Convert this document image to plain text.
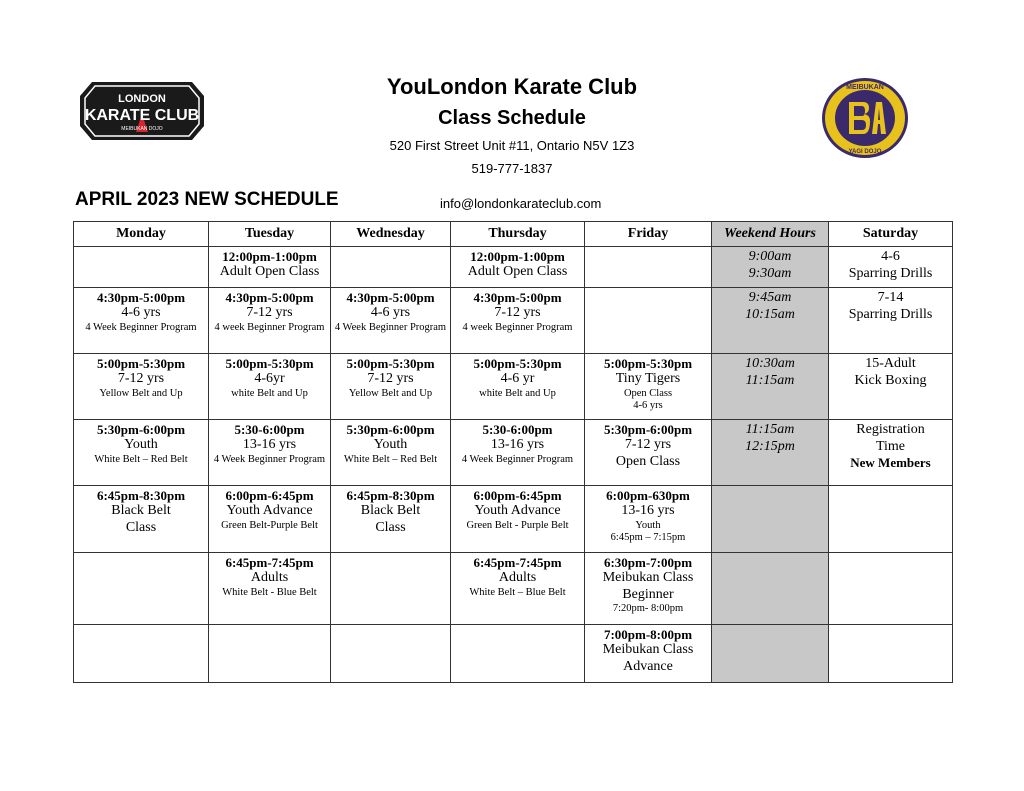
LONDON
KARATE CLUB
MEIBUKAN DOJO
YouLondon Karate Club
Class Schedule
520 First Street Unit #11, Ontario N5V 1Z3
519-777-1837
MEIBUKAN
YAGI DOJO
APRIL 2023 NEW SCHEDULE	info@londonkarateclub.com
Monday	Tuesday	Wednesday	Thursday	Friday	Weekend Hours	Saturday

	12:00pm-1:00pm
Adult Open Class		12:00pm-1:00pm
Adult Open Class		9:00am
9:30am	4-6
Sparring Drills

4:30pm-5:00pm
4-6 yrs
4 Week Beginner Program	4:30pm-5:00pm
7-12 yrs
4 week Beginner Program	4:30pm-5:00pm
4-6 yrs
4 Week Beginner Program	4:30pm-5:00pm
7-12 yrs
4 week Beginner Program		9:45am
10:15am	7-14
Sparring Drills

5:00pm-5:30pm
7-12 yrs
Yellow Belt and Up	5:00pm-5:30pm
4-6yr
white Belt and Up	5:00pm-5:30pm
7-12 yrs
Yellow Belt and Up	5:00pm-5:30pm
4-6 yr
white Belt and Up	5:00pm-5:30pm
Tiny Tigers
Open Class
4-6 yrs	10:30am
11:15am	15-Adult
Kick Boxing

5:30pm-6:00pm
Youth
White Belt – Red Belt	5:30-6:00pm
13-16 yrs
4 Week Beginner Program	5:30pm-6:00pm
Youth
White Belt – Red Belt	5:30-6:00pm
13-16 yrs
4 Week Beginner Program	5:30pm-6:00pm
7-12 yrs
Open Class	11:15am
12:15pm	Registration
Time
New Members

6:45pm-8:30pm
Black Belt
Class	6:00pm-6:45pm
Youth Advance
Green Belt-Purple Belt	6:45pm-8:30pm
Black Belt
Class	6:00pm-6:45pm
Youth Advance
Green Belt - Purple Belt	6:00pm-630pm
13-16 yrs
Youth
6:45pm – 7:15pm		

	6:45pm-7:45pm
Adults
White Belt - Blue Belt		6:45pm-7:45pm
Adults
White Belt – Blue Belt	6:30pm-7:00pm
Meibukan Class
Beginner
7:20pm- 8:00pm		

				7:00pm-8:00pm
Meibukan Class
Advance		
